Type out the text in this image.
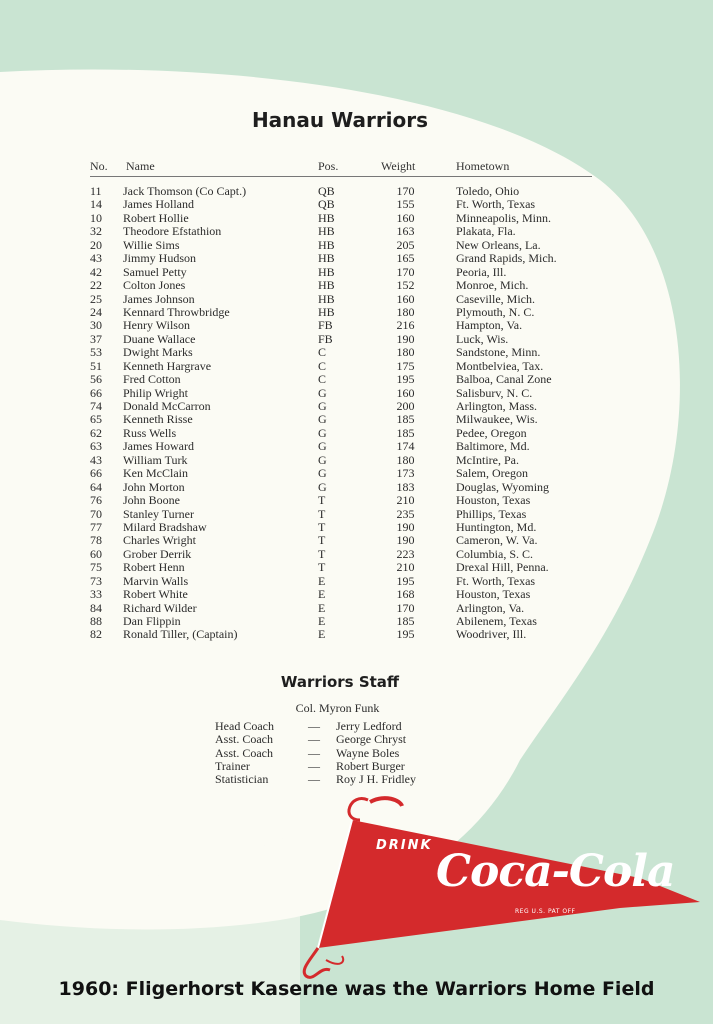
Hanau Warriors
No. Name	Pos.	Weight	Hometown
11 Jack Thomson (Co Capt.)	QB	170	Toledo, Ohio
14 James Holland	QB	155	Ft. Worth, Texas
10 Robert Hollie	HB	160	Minneapolis, Minn.
32 Theodore Efstathion	HB	163	Plakata, Fla.
20 Willie Sims	HB	205	New Orleans, La.
43 Jimmy Hudson	HB	165	Grand Rapids, Mich.
42 Samuel Petty	HB	170	Peoria, Ill.
22 Colton Jones	HB	152	Monroe, Mich.
25 James Johnson	HB	160	Caseville, Mich.
24 Kennard Throwbridge	HB	180	Plymouth, N. C.
30 Henry Wilson	FB	216	Hampton, Va.
37 Duane Wallace	FB	190	Luck, Wis.
53 Dwight Marks	C	180	Sandstone, Minn.
51 Kenneth Hargrave	C	175	Montbelviea, Tax.
56 Fred Cotton	C	195	Balboa, Canal Zone
66 Philip Wright	G	160	Salisburv, N. C.
74 Donald McCarron	G	200	Arlington, Mass.
65 Kenneth Risse	G	185	Milwaukee, Wis.
62 Russ Wells	G	185	Pedee, Oregon
63 James Howard	G	174	Baltimore, Md.
43 William Turk	G	180	McIntire, Pa.
66 Ken McClain	G	173	Salem, Oregon
64 John Morton	G	183	Douglas, Wyoming
76 John Boone	T	210	Houston, Texas
70 Stanley Turner	T	235	Phillips, Texas
77 Milard Bradshaw	T	190	Huntington, Md.
78 Charles Wright	T	190	Cameron, W. Va.
60 Grober Derrik	T	223	Columbia, S. C.
75 Robert Henn	T	210	Drexal Hill, Penna.
73 Marvin Walls	E	195	Ft. Worth, Texas
33 Robert White	E	168	Houston, Texas
84 Richard Wilder	E	170	Arlington, Va.
88 Dan Flippin	E	185	Abilenem, Texas
82 Ronald Tiller, (Captain)	E	195	Woodriver, Ill.
Warriors Staff
Col. Myron Funk
Head Coach	— Jerry Ledford
Asst. Coach	— George Chryst
Asst. Coach	— Wayne Boles
Trainer	— Robert Burger
Statistician	— Roy J H. Fridley
DRINK
Coca-Cola
REG U.S. PAT OFF
1960: Fligerhorst Kaserne was the Warriors Home Field
